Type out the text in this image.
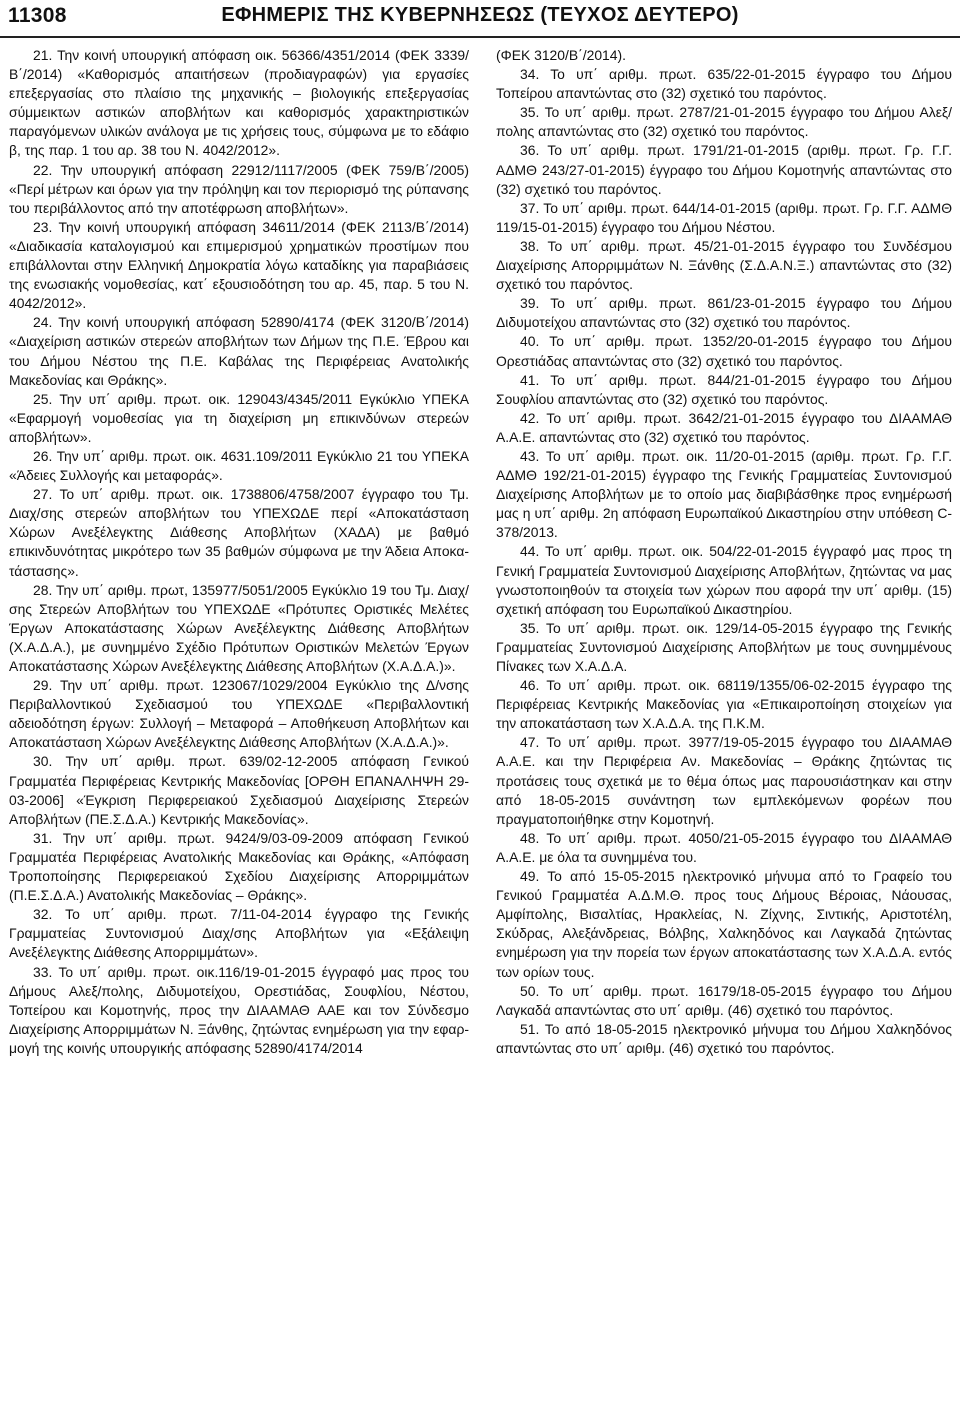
11308	ΕΦΗΜΕΡΙΣ ΤΗΣ ΚΥΒΕΡΝΗΣΕΩΣ (ΤΕΥΧΟΣ ΔΕΥΤΕΡΟ)

21. Την κοινή υπουργική απόφαση οικ. 56366/4351/2014 (ΦΕΚ 3339/Β΄/2014) «Καθορισμός απαιτήσεων (προδιαγραφών) για εργασίες επεξεργασίας στο πλαίσιο της μηχανικής – βιολογικής επεξεργασίας σύμμεικτων αστικών αποβλήτων και καθορισμός χαρακτηριστικών παραγόμενων υλικών ανάλογα με τις χρήσεις τους, σύμφωνα με το εδάφιο β, της παρ. 1 του αρ. 38 του Ν. 4042/2012».

22. Την υπουργική απόφαση 22912/1117/2005 (ΦΕΚ 759/Β΄/2005) «Περί μέτρων και όρων για την πρόληψη και τον περιορισμό της ρύπανσης του περιβάλλοντος από την αποτέφρωση αποβλήτων».

23. Την κοινή υπουργική απόφαση 34611/2014 (ΦΕΚ 2113/Β΄/2014) «Διαδικασία καταλογισμού και επιμερισμού χρηματικών προστίμων που επιβάλλονται στην Ελληνική Δημοκρατία λόγω καταδίκης για παραβιάσεις της ενωσιακής νομοθεσίας, κατ΄ εξουσιοδότηση του αρ. 45, παρ. 5 του Ν. 4042/2012».

24. Την κοινή υπουργική απόφαση 52890/4174 (ΦΕΚ 3120/Β΄/2014) «Διαχείριση αστικών στερεών αποβλήτων των Δήμων της Π.Ε. Έβρου και του Δήμου Νέστου της Π.Ε. Καβάλας της Περιφέρειας Ανατολικής Μακεδονίας και Θράκης».

25. Την υπ΄ αριθμ. πρωτ. οικ. 129043/4345/2011 Εγκύκλιο ΥΠΕΚΑ «Εφαρμογή νομοθεσίας για τη διαχείριση μη επικινδύνων στερεών αποβλήτων».

26. Την υπ΄ αριθμ. πρωτ. οικ. 4631.109/2011 Εγκύκλιο 21 του ΥΠΕΚΑ «Άδειες Συλλογής και μεταφοράς».

27. Το υπ΄ αριθμ. πρωτ. οικ. 1738806/4758/2007 έγγραφο του Τμ. Διαχ/σης στερεών αποβλήτων του ΥΠΕΧΩΔΕ περί «Αποκατάσταση Χώρων Ανεξέλεγκτης Διάθεσης Αποβλήτων (ΧΑΔΑ) με βαθμό επικινδυνότητας μικρότερο των 35 βαθμών σύμφωνα με την Άδεια Αποκατάστασης».

28. Την υπ΄ αριθμ. πρωτ, 135977/5051/2005 Εγκύκλιο 19 του Τμ. Διαχ/σης Στερεών Αποβλήτων του ΥΠΕΧΩΔΕ «Πρότυπες Οριστικές Μελέτες Έργων Αποκατάστασης Χώρων Ανεξέλεγκτης Διάθεσης Αποβλήτων (Χ.Α.Δ.Α.), με συνημμένο Σχέδιο Πρότυπων Οριστικών Μελετών Έργων Αποκατάστασης Χώρων Ανεξέλεγκτης Διάθεσης Αποβλήτων (Χ.Α.Δ.Α.)».

29. Την υπ΄ αριθμ. πρωτ. 123067/1029/2004 Εγκύκλιο της Δ/νσης Περιβαλλοντικού Σχεδιασμού του ΥΠΕΧΩΔΕ «Περιβαλλοντική αδειοδότηση έργων: Συλλογή – Μεταφορά – Αποθήκευση Αποβλήτων και Αποκατάσταση Χώρων Ανεξέλεγκτης Διάθεσης Αποβλήτων (Χ.Α.Δ.Α.)».

30. Την υπ΄ αριθμ. πρωτ. 639/02-12-2005 απόφαση Γενικού Γραμματέα Περιφέρειας Κεντρικής Μακεδονίας [ΟΡΘΗ ΕΠΑΝΑΛΗΨΗ 29-03-2006] «Έγκριση Περιφερειακού Σχεδιασμού Διαχείρισης Στερεών Αποβλήτων (ΠΕ.Σ.Δ.Α.) Κεντρικής Μακεδονίας».

31. Την υπ΄ αριθμ. πρωτ. 9424/9/03-09-2009 απόφαση Γενικού Γραμματέα Περιφέρειας Ανατολικής Μακεδονίας και Θράκης, «Απόφαση Τροποποίησης Περιφερειακού Σχεδίου Διαχείρισης Απορριμμάτων (Π.Ε.Σ.Δ.Α.) Ανατολικής Μακεδονίας – Θράκης».

32. Το υπ΄ αριθμ. πρωτ. 7/11-04-2014 έγγραφο της Γενικής Γραμματείας Συντονισμού Διαχ/σης Αποβλήτων για «Εξάλειψη Ανεξέλεγκτης Διάθεσης Απορριμμάτων».

33. Το υπ΄ αριθμ. πρωτ. οικ.116/19-01-2015 έγγραφό μας προς του Δήμους Αλεξ/πολης, Διδυμοτείχου, Ορεστιάδας, Σουφλίου, Νέστου, Τοπείρου και Κομοτηνής, προς την ΔΙΑΑΜΑΘ ΑΑΕ και τον Σύνδεσμο Διαχείρισης Απορριμμάτων Ν. Ξάνθης, ζητώντας ενημέρωση για την εφαρμογή της κοινής υπουργικής απόφασης 52890/4174/2014

(ΦΕΚ 3120/Β΄/2014).

34. Το υπ΄ αριθμ. πρωτ. 635/22-01-2015 έγγραφο του Δήμου Τοπείρου απαντώντας στο (32) σχετικό του παρόντος.

35. Το υπ΄ αριθμ. πρωτ. 2787/21-01-2015 έγγραφο του Δήμου Αλεξ/πολης απαντώντας στο (32) σχετικό του παρόντος.

36. Το υπ΄ αριθμ. πρωτ. 1791/21-01-2015 (αριθμ. πρωτ. Γρ. Γ.Γ. ΑΔΜΘ 243/27-01-2015) έγγραφο του Δήμου Κομοτηνής απαντώντας στο (32) σχετικό του παρόντος.

37. Το υπ΄ αριθμ. πρωτ. 644/14-01-2015 (αριθμ. πρωτ. Γρ. Γ.Γ. ΑΔΜΘ 119/15-01-2015) έγγραφο του Δήμου Νέστου.

38. Το υπ΄ αριθμ. πρωτ. 45/21-01-2015 έγγραφο του Συνδέσμου Διαχείρισης Απορριμμάτων Ν. Ξάνθης (Σ.Δ.Α.Ν.Ξ.) απαντώντας στο (32) σχετικό του παρόντος.

39. Το υπ΄ αριθμ. πρωτ. 861/23-01-2015 έγγραφο του Δήμου Διδυμοτείχου απαντώντας στο (32) σχετικό του παρόντος.

40. Το υπ΄ αριθμ. πρωτ. 1352/20-01-2015 έγγραφο του Δήμου Ορεστιάδας απαντώντας στο (32) σχετικό του παρόντος.

41. Το υπ΄ αριθμ. πρωτ. 844/21-01-2015 έγγραφο του Δήμου Σουφλίου απαντώντας στο (32) σχετικό του παρόντος.

42. Το υπ΄ αριθμ. πρωτ. 3642/21-01-2015 έγγραφο του ΔΙΑΑΜΑΘ Α.Α.Ε. απαντώντας στο (32) σχετικό του παρόντος.

43. Το υπ΄ αριθμ. πρωτ. οικ. 11/20-01-2015 (αριθμ. πρωτ. Γρ. Γ.Γ. ΑΔΜΘ 192/21-01-2015) έγγραφο της Γενικής Γραμματείας Συντονισμού Διαχείρισης Αποβλήτων με το οποίο μας διαβιβάσθηκε προς ενημέρωσή μας η υπ΄ αριθμ. 2η απόφαση Ευρωπαϊκού Δικαστηρίου στην υπόθεση C-378/2013.

44. Το υπ΄ αριθμ. πρωτ. οικ. 504/22-01-2015 έγγραφό μας προς τη Γενική Γραμματεία Συντονισμού Διαχείρισης Αποβλήτων, ζητώντας να μας γνωστοποιηθούν τα στοιχεία των χώρων που αφορά την υπ΄ αριθμ. (15) σχετική απόφαση του Ευρωπαϊκού Δικαστηρίου.

35. Το υπ΄ αριθμ. πρωτ. οικ. 129/14-05-2015 έγγραφο της Γενικής Γραμματείας Συντονισμού Διαχείρισης Αποβλήτων με τους συνημμένους Πίνακες των Χ.Α.Δ.Α.

46. Το υπ΄ αριθμ. πρωτ. οικ. 68119/1355/06-02-2015 έγγραφο της Περιφέρειας Κεντρικής Μακεδονίας για «Επικαιροποίηση στοιχείων για την αποκατάσταση των Χ.Α.Δ.Α. της Π.Κ.Μ.

47. Το υπ΄ αριθμ. πρωτ. 3977/19-05-2015 έγγραφο του ΔΙΑΑΜΑΘ Α.Α.Ε. και την Περιφέρεια Αν. Μακεδονίας – Θράκης ζητώντας τις προτάσεις τους σχετικά με το θέμα όπως μας παρουσιάστηκαν και στην από 18-05-2015 συνάντηση των εμπλεκόμενων φορέων που πραγματοποιήθηκε στην Κομοτηνή.

48. Το υπ΄ αριθμ. πρωτ. 4050/21-05-2015 έγγραφο του ΔΙΑΑΜΑΘ Α.Α.Ε. με όλα τα συνημμένα του.

49. Το από 15-05-2015 ηλεκτρονικό μήνυμα από το Γραφείο του Γενικού Γραμματέα Α.Δ.Μ.Θ. προς τους Δήμους Βέροιας, Νάουσας, Αμφίπολης, Βισαλτίας, Ηρακλείας, Ν. Ζίχνης, Σιντικής, Αριστοτέλη, Σκύδρας, Αλεξάνδρειας, Βόλβης, Χαλκηδόνος και Λαγκαδά ζητώντας ενημέρωση για την πορεία των έργων αποκατάστασης των Χ.Α.Δ.Α. εντός των ορίων τους.

50. Το υπ΄ αριθμ. πρωτ. 16179/18-05-2015 έγγραφο του Δήμου Λαγκαδά απαντώντας στο υπ΄ αριθμ. (46) σχετικό του παρόντος.

51. Το από 18-05-2015 ηλεκτρονικό μήνυμα του Δήμου Χαλκηδόνος απαντώντας στο υπ΄ αριθμ. (46) σχετικό του παρόντος.
